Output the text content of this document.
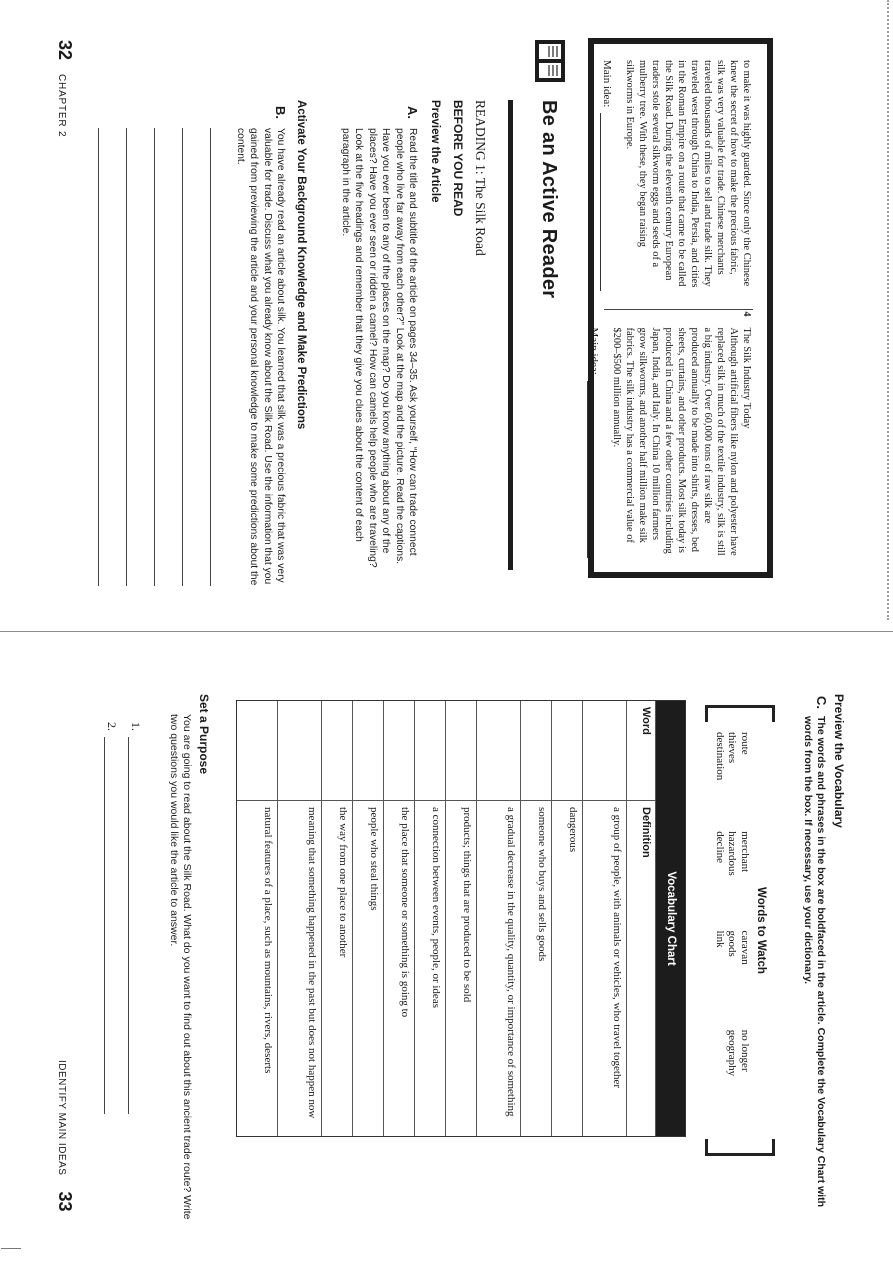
to make it was highly guarded. Since only the Chinese knew the secret of how to make the precious fabric, silk was very valuable for trade. Chinese merchants traveled thousands of miles to sell and trade silk. They traveled west through China to India, Persia, and cities in the Roman Empire on a route that came to be called the Silk Road. During the eleventh century European traders stole several silkworm eggs and seeds of a mulberry tree. With these, they began raising silkworms in Europe.
Main idea:
4
The Silk Industry Today
Although artificial fibers like nylon and polyester have replaced silk in much of the textile industry, silk is still a big industry. Over 60,000 tons of raw silk are produced annually to be made into shirts, dresses, bed sheets, curtains, and other products. Most silk today is produced in China and a few other countries including Japan, India, and Italy. In China 10 million farmers grow silkworms, and another half million make silk fabrics. The silk industry has a commercial value of $200–$500 million annually.
Main idea:
Be an Active Reader
READING 1: The Silk Road
BEFORE YOU READ
Preview the Article
A.
Read the title and subtitle of the article on pages 34–35. Ask yourself, “How can trade connect people who live far away from each other?” Look at the map and the picture. Read the captions. Have you ever been to any of the places on the map? Do you know anything about any of the places? Have you ever seen or ridden a camel? How can camels help people who are traveling? Look at the five headings and remember that they give you clues about the content of each paragraph in the article.
Activate Your Background Knowledge and Make Predictions
B.
You have already read an article about silk. You learned that silk was a precious fabric that was very valuable for trade. Discuss what you already know about the Silk Road. Use the information that you gained from previewing the article and your personal knowledge to make some predictions about the content.
32
CHAPTER 2
Preview the Vocabulary
C.
The words and phrases in the box are boldfaced in the article. Complete the Vocabulary Chart with words from the box. If necessary, use your dictionary.
Words to Watch
route
thieves
destination
merchant
hazardous
decline
caravan
goods
link
no longer
geography
Vocabulary Chart
Word
Definition
a group of people, with animals or vehicles, who travel together
dangerous
someone who buys and sells goods
a gradual decrease in the quality, quantity, or importance of something
products; things that are produced to be sold
a connection between events, people, or ideas
the place that someone or something is going to
people who steal things
the way from one place to another
meaning that something happened in the past but does not happen now
natural features of a place, such as mountains, rivers, deserts
Set a Purpose
You are going to read about the Silk Road. What do you want to find out about this ancient trade route? Write two questions you would like the article to answer.
1.
2.
IDENTIFY MAIN IDEAS
33
